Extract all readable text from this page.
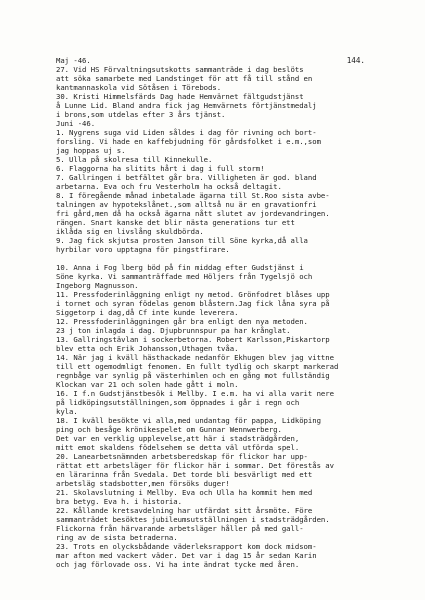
144.
Maj -46.
27. Vid HS Förvaltningsutskotts sammanträde i dag beslöts
att söka samarbete med Landstinget för att få till stånd en
kantmannaskola vid Sötåsen i Törebods.
30. Kristi Himmelsfärds Dag hade Hemvärnet fältgudstjänst
å Lunne Lid. Bland andra fick jag Hemvärnets förtjänstmedalj
i brons,som utdelas efter 3 års tjänst.
Juni -46.
1. Nygrens suga vid Liden såldes i dag för rivning och bort-
forsling. Vi hade en kaffebjudning för gårdsfolket i e.m.,som
jag hoppas uj s.
5. Ulla på skolresa till Kinnekulle.
6. Flaggorna ha slitits hårt i dag i full storm!
7. Gallringen i betfältet går bra. Villigheten är god. bland
arbetarna. Eva och fru Vesterholm ha också deltagit.
8. I föregående månad inbetalade ägarna till St.Roo sista avbe-
talningen av hypotekslånet.,som alltså nu är en gravationfri
fri gård,men då ha också ägarna nått slutet av jordevandringen.
rängen. Snart kanske det blir nästa generations tur ett
iklåda sig en livslång skuldbörda.
9. Jag fick skjutsa prosten Janson till Söne kyrka,då alla
hyrbilar voro upptagna för pingstfirare.
10. Anna i Fog lberg böd på fin middag efter Gudstjänst i
Söne kyrka. Vi sammanträffade med Höljers från Tygelsjö och
Ingeborg Magnusson.
11. Pressfoderinläggning enligt ny metod. Grönfodret blåses upp
i tornet och syran födelas genom blåstern.Jag fick låna syra på
Siggetorp i dag,då Cf inte kunde leverera.
12. Pressfoderinläggningen går bra enligt den nya metoden.
23 j ton inlagda i dag. Djupbrunnspur pa har krånglat.
13. Gallringstävlan i sockerbetorna. Robert Karlsson,Piskartorp
blev etta och Erik Johansson,Uthagen tvåa.
14. När jag i kväll hästhackade nedanför Ekhugen blev jag vittne
till ett ogemodmligt fenomen. En fullt tydlig och skarpt markerad
regnbåge var synlig på västerhimlen och en gång mot fullständig
Klockan var 21 och solen hade gått i moln.
16. I f.n Gudstjänstbesök i Mellby. I e.m. ha vi alla varit nere
på lidköpingsutställningen,som öppnades i går i regn och
kyla.
18. I kväll besökte vi alla,med undantag för pappa, Lidköping
ping och besåge krönikespelet om Gunnar Wennwerberg.
Det var en verklig upplevelse,att här i stadsträdgården,
mitt emot skaldens födelsehem se detta väl utförda spel.
20. Lanearbetsnämnden arbetsberedskap för flickor har upp-
rättat ett arbetsläger för flickor här i sommar. Det förestås av
en lärarinna från Svedala. Det torde bli besvärligt med ett
arbetsläg stadsbotter,men försöks duger!
21. Skolavslutning i Mellby. Eva och Ulla ha kommit hem med
bra betyg. Eva h. i historia.
22. Kållande kretsavdelning har utfärdat sitt årsmöte. Före
sammanträdet besöktes jubileumsutställningen i stadsträdgården.
Flickorna från härvarande arbetsläger håller på med gall-
ring av de sista betraderna.
23. Trots en olycksbådande väderleksrapport kom dock midsom-
mar afton med vackert väder. Det var i dag 15 år sedan Karin
och jag förlovade oss. Vi ha inte ändrat tycke med åren.
